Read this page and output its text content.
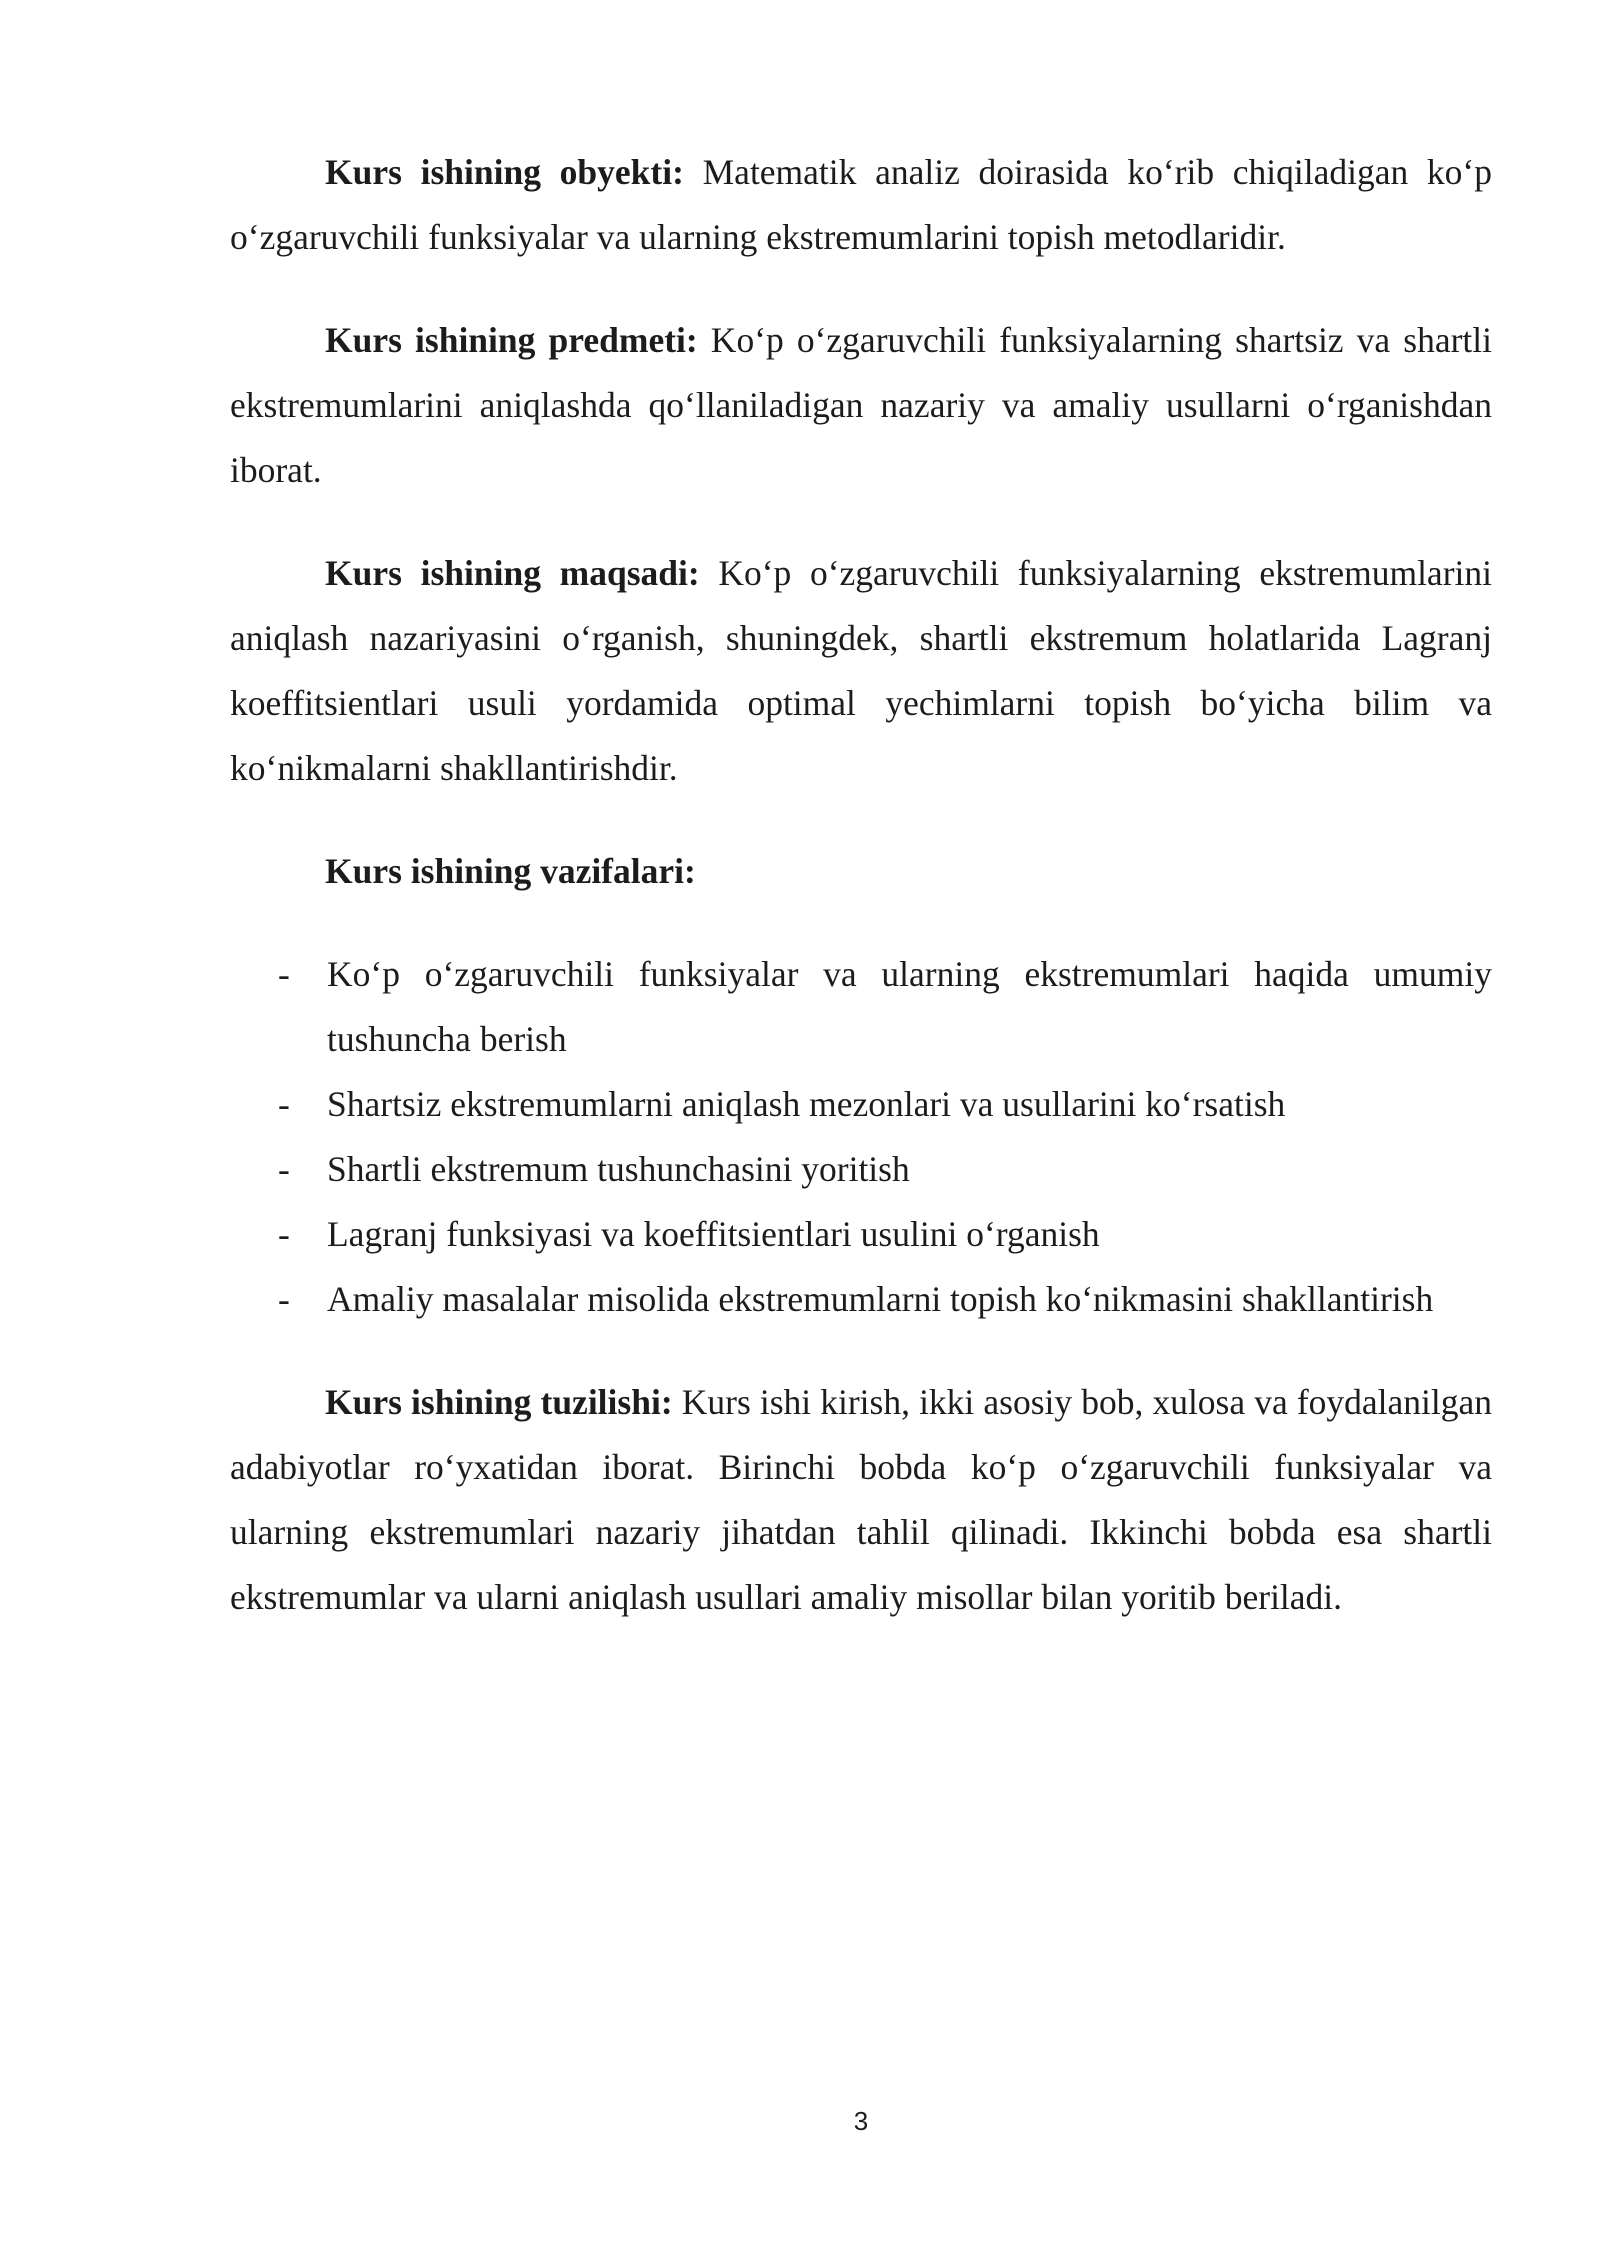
Kurs ishining obyekti: Matematik analiz doirasida ko‘rib chiqiladigan ko‘p o‘zgaruvchili funksiyalar va ularning ekstremumlarini topish metodlaridir.

Kurs ishining predmeti: Ko‘p o‘zgaruvchili funksiyalarning shartsiz va shartli ekstremumlarini aniqlashda qo‘llaniladigan nazariy va amaliy usullarni o‘rganishdan iborat.

Kurs ishining maqsadi: Ko‘p o‘zgaruvchili funksiyalarning ekstremumlarini aniqlash nazariyasini o‘rganish, shuningdek, shartli ekstremum holatlarida Lagranj koeffitsientlari usuli yordamida optimal yechimlarni topish bo‘yicha bilim va ko‘nikmalarni shakllantirishdir.

Kurs ishining vazifalari:

- Ko‘p o‘zgaruvchili funksiyalar va ularning ekstremumlari haqida umumiy tushuncha berish
- Shartsiz ekstremumlarni aniqlash mezonlari va usullarini ko‘rsatish
- Shartli ekstremum tushunchasini yoritish
- Lagranj funksiyasi va koeffitsientlari usulini o‘rganish
- Amaliy masalalar misolida ekstremumlarni topish ko‘nikmasini shakllantirish

Kurs ishining tuzilishi: Kurs ishi kirish, ikki asosiy bob, xulosa va foydalanilgan adabiyotlar ro‘yxatidan iborat. Birinchi bobda ko‘p o‘zgaruvchili funksiyalar va ularning ekstremumlari nazariy jihatdan tahlil qilinadi. Ikkinchi bobda esa shartli ekstremumlar va ularni aniqlash usullari amaliy misollar bilan yoritib beriladi.

3
